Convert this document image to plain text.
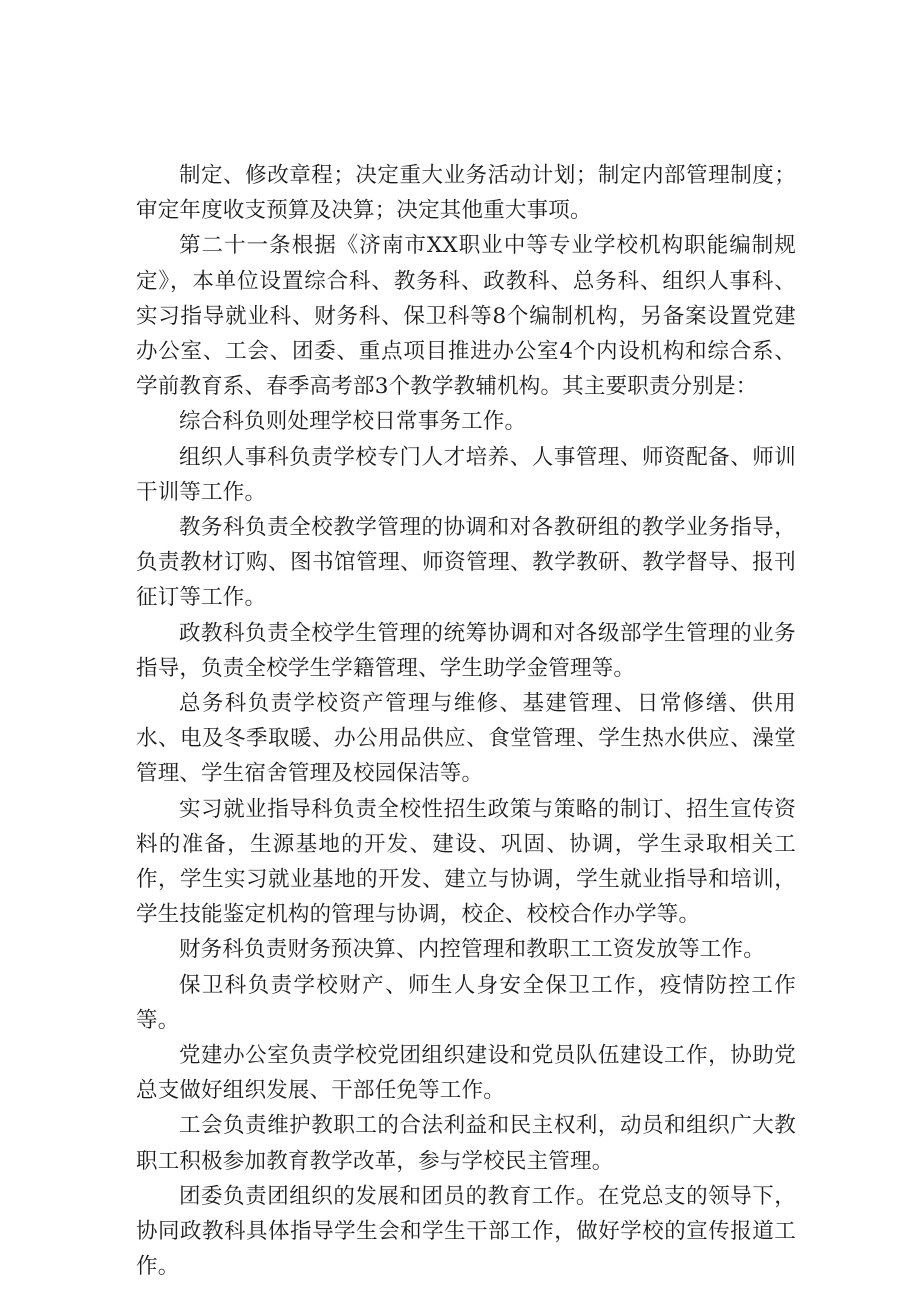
制定、修改章程；决定重大业务活动计划；制定内部管理制度；审定年度收支预算及决算；决定其他重大事项。

第二十一条根据《济南市XX职业中等专业学校机构职能编制规定》，本单位设置综合科、教务科、政教科、总务科、组织人事科、实习指导就业科、财务科、保卫科等8个编制机构，另备案设置党建办公室、工会、团委、重点项目推进办公室4个内设机构和综合系、学前教育系、春季高考部3个教学教辅机构。其主要职责分别是：

综合科负则处理学校日常事务工作。

组织人事科负责学校专门人才培养、人事管理、师资配备、师训干训等工作。

教务科负责全校教学管理的协调和对各教研组的教学业务指导，负责教材订购、图书馆管理、师资管理、教学教研、教学督导、报刊征订等工作。

政教科负责全校学生管理的统筹协调和对各级部学生管理的业务指导，负责全校学生学籍管理、学生助学金管理等。

总务科负责学校资产管理与维修、基建管理、日常修缮、供用水、电及冬季取暖、办公用品供应、食堂管理、学生热水供应、澡堂管理、学生宿舍管理及校园保洁等。

实习就业指导科负责全校性招生政策与策略的制订、招生宣传资料的准备，生源基地的开发、建设、巩固、协调，学生录取相关工作，学生实习就业基地的开发、建立与协调，学生就业指导和培训，学生技能鉴定机构的管理与协调，校企、校校合作办学等。

财务科负责财务预决算、内控管理和教职工工资发放等工作。

保卫科负责学校财产、师生人身安全保卫工作，疫情防控工作等。

党建办公室负责学校党团组织建设和党员队伍建设工作，协助党总支做好组织发展、干部任免等工作。

工会负责维护教职工的合法利益和民主权利，动员和组织广大教职工积极参加教育教学改革，参与学校民主管理。

团委负责团组织的发展和团员的教育工作。在党总支的领导下，协同政教科具体指导学生会和学生干部工作，做好学校的宣传报道工作。
